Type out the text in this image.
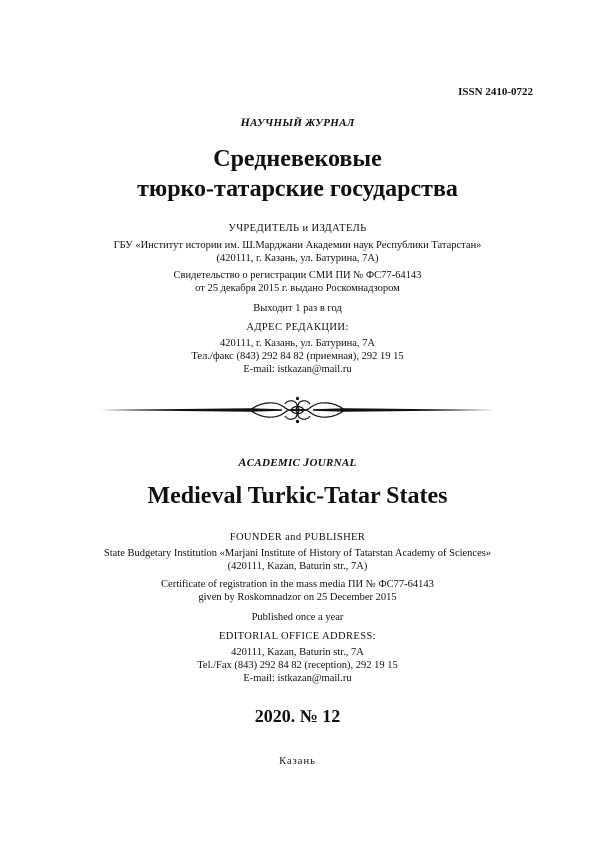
ISSN 2410-0722
НАУЧНЫЙ ЖУРНАЛ
Средневековые
тюрко-татарские государства
УЧРЕДИТЕЛЬ и ИЗДАТЕЛЬ
ГБУ «Институт истории им. Ш.Марджани Академии наук Республики Татарстан»
(420111, г. Казань, ул. Батурина, 7А)
Свидетельство о регистрации СМИ ПИ № ФС77-64143
от 25 декабря 2015 г. выдано Роскомнадзором
Выходит 1 раз в год
АДРЕС РЕДАКЦИИ:
420111, г. Казань, ул. Батурина, 7А
Тел./факс (843) 292 84 82 (приемная), 292 19 15
E-mail: istkazan@mail.ru
ACADEMIC JOURNAL
Medieval Turkic-Tatar States
FOUNDER and PUBLISHER
State Budgetary Institution «Marjani Institute of History of Tatarstan Academy of Sciences»
(420111, Kazan, Baturin str., 7A)
Certificate of registration in the mass media ПИ № ФС77-64143
given by Roskomnadzor on 25 December 2015
Published once a year
EDITORIAL OFFICE ADDRESS:
420111, Kazan, Baturin str., 7A
Tel./Fax (843) 292 84 82 (reception), 292 19 15
E-mail: istkazan@mail.ru
2020. № 12
Казань
